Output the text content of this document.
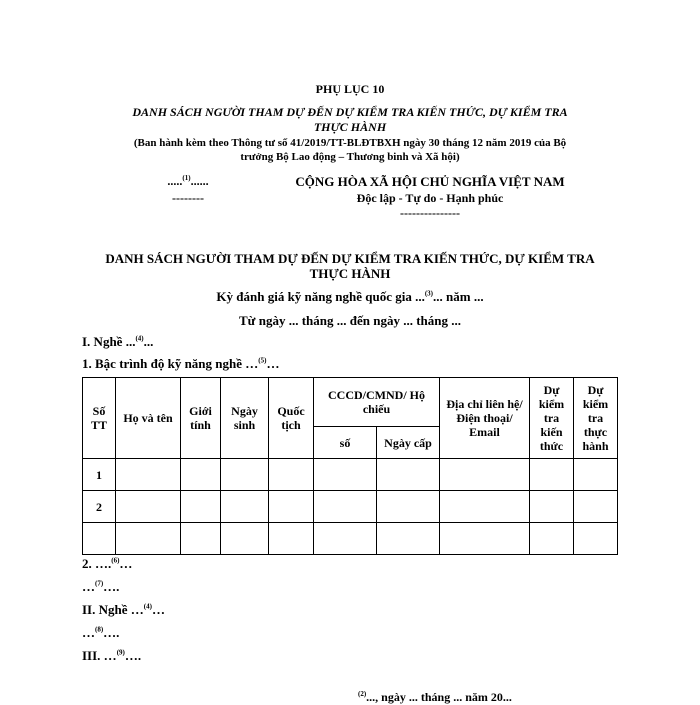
PHỤ LỤC 10
DANH SÁCH NGƯỜI THAM DỰ ĐẾN DỰ KIỂM TRA KIẾN THỨC, DỰ KIỂM TRA
THỰC HÀNH
(Ban hành kèm theo Thông tư số 41/2019/TT-BLĐTBXH ngày 30 tháng 12 năm 2019 của Bộ
trưởng Bộ Lao động – Thương binh và Xã hội)
.....$^{(1)}$......
--------
CỘNG HÒA XÃ HỘI CHỦ NGHĨA VIỆT NAM
Độc lập - Tự do - Hạnh phúc
---------------
DANH SÁCH NGƯỜI THAM DỰ ĐẾN DỰ KIỂM TRA KIẾN THỨC, DỰ KIỂM TRA
THỰC HÀNH
Kỳ đánh giá kỹ năng nghề quốc gia ...$^{(3)}$... năm ...
Từ ngày ... tháng ... đến ngày ... tháng ...
I. Nghề ...$^{(4)}$...
1. Bậc trình độ kỹ năng nghề …$^{(5)}$…
Số TT	Họ và tên	Giới tính	Ngày sinh	Quốc tịch	CCCD/CMND/ Hộ chiếu		Địa chỉ liên hệ/ Điện thoại/ Email	Dự kiểm tra kiến thức	Dự kiểm tra thực hành
					số	Ngày cấp			
1									
2									

2. ….$^{(6)}$…
…$^{(7)}$….
II. Nghề …$^{(4)}$…
…$^{(8)}$….
III. …$^{(9)}$….
$^{(2)}$..., ngày ... tháng ... năm 20...
